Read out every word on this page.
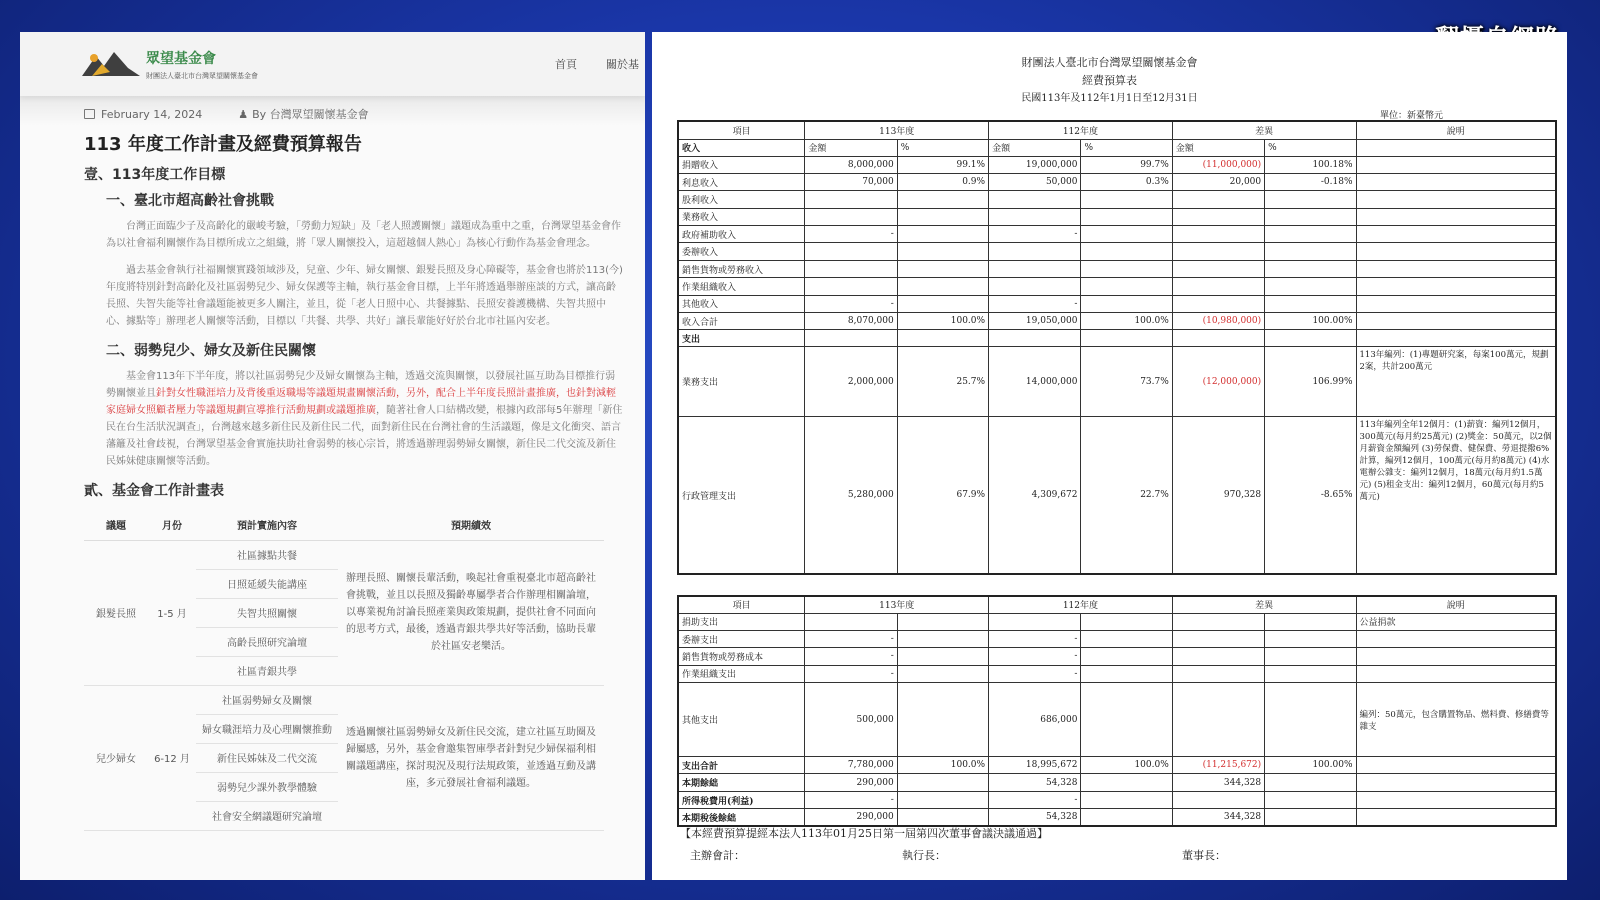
眾望基金會
財團法人臺北市台灣眾望關懷基金會
首頁	關於基
February 14, 2024	♟ By 台灣眾望關懷基金會
113 年度工作計畫及經費預算報告
壹、113年度工作目標
一、臺北市超高齡社會挑戰

台灣正面臨少子及高齡化的嚴峻考驗，「勞動力短缺」及「老人照護關懷」議題成為重中之重，台灣眾望基金會作為以社會福利關懷作為目標所成立之組織，將「眾人關懷投入，這超越個人熱心」為核心行動作為基金會理念。

過去基金會執行社福關懷實踐領域涉及，兒童、少年、婦女關懷、銀髮長照及身心障礙等，基金會也將於113(今)年度將特別針對高齡化及社區弱勢兒少、婦女保護等主軸，執行基金會目標，上半年將透過舉辦座談的方式，讓高齡長照、失智失能等社會議題能被更多人關注，並且，從「老人日照中心、共餐據點、長照安養護機構、失智共照中心、據點等」辦理老人關懷等活動，目標以「共餐、共學、共好」讓長輩能好好於台北市社區內安老。

二、弱勢兒少、婦女及新住民關懷

基金會113年下半年度，將以社區弱勢兒少及婦女關懷為主軸，透過交流與關懷，以發展社區互助為目標推行弱勢關懷並且針對女性職涯培力及背後重返職場等議題規畫關懷活動，另外，配合上半年度長照計畫推廣，也針對減輕家庭婦女照顧者壓力等議題規劃宣導推行活動規劃或議題推廣，隨著社會人口結構改變，根據內政部每5年辦理「新住民在台生活狀況調查」，台灣越來越多新住民及新住民二代，面對新住民在台灣社會的生活議題，像是文化衝突、語言藩籬及社會歧視，台灣眾望基金會實施扶助社會弱勢的核心宗旨，將透過辦理弱勢婦女關懷，新住民二代交流及新住民姊妹健康關懷等活動。

貳、基金會工作計畫表
議題	月份	預計實施內容	預期績效
銀髮長照	1-5 月	社區據點共餐	辦理長照、關懷長輩活動，喚起社會重視臺北市超高齡社會挑戰，並且以長照及獨齡專屬學者合作辦理相關論壇，以專業視角討論長照產業與政策規劃，提供社會不同面向的思考方式，最後，透過青銀共學共好等活動，協助長輩於社區安老樂活。
		日照延緩失能講座	
		失智共照關懷	
		高齡長照研究論壇	
		社區青銀共學	
兒少婦女	6-12 月	社區弱勢婦女及關懷	透過關懷社區弱勢婦女及新住民交流，建立社區互助圈及歸屬感，另外，基金會邀集智庫學者針對兒少婦保福利相關議題講座，探討現況及現行法規政策，並透過互動及講座，多元發展社會福利議題。
		婦女職涯培力及心理關懷推動	
		新住民姊妹及二代交流	
		弱勢兒少課外教學體驗	
		社會安全網議題研究論壇	
財團法人臺北市台灣眾望關懷基金會
經費預算表
民國113年及112年1月1日至12月31日
單位：新臺幣元
項目	113年度		112年度		差異		說明
收入	金額	%	金額	%	金額	%	
捐贈收入	8,000,000	99.1%	19,000,000	99.7%	(11,000,000)	100.18%	
利息收入	70,000	0.9%	50,000	0.3%	20,000	-0.18%	
股利收入							
業務收入							
政府補助收入	-		-				
委辦收入							
銷售貨物或勞務收入							
作業組織收入							
其他收入	-		-				
收入合計	8,070,000	100.0%	19,050,000	100.0%	(10,980,000)	100.00%	
支出							
業務支出	2,000,000	25.7%	14,000,000	73.7%	(12,000,000)	106.99%	113年編列：(1)專題研究案，每案100萬元，規劃2案，共計200萬元
行政管理支出	5,280,000	67.9%	4,309,672	22.7%	970,328	-8.65%	113年編列全年12個月：(1)薪資：編列12個月，300萬元(每月約25萬元) (2)獎金：50萬元，以2個月薪資金額編列 (3)勞保費、健保費、勞退提撥6%計算，編列12個月，100萬元(每月約8萬元) (4)水電辦公雜支：編列12個月，18萬元(每月約1.5萬元) (5)租金支出：編列12個月，60萬元(每月約5萬元)
項目	113年度		112年度		差異		說明
捐助支出							公益捐款
委辦支出	-		-				
銷售貨物或勞務成本	-		-				
作業組織支出	-		-				
其他支出	500,000		686,000				編列：50萬元，包含購置物品、燃料費、修繕費等雜支
支出合計	7,780,000	100.0%	18,995,672	100.0%	(11,215,672)	100.00%	
本期餘絀	290,000		54,328		344,328		
所得稅費用(利益)	-		-				
本期稅後餘絀	290,000		54,328		344,328		
【本經費預算提經本法人113年01月25日第一屆第四次董事會議決議通過】
主辦會計：	執行長：	董事長：
